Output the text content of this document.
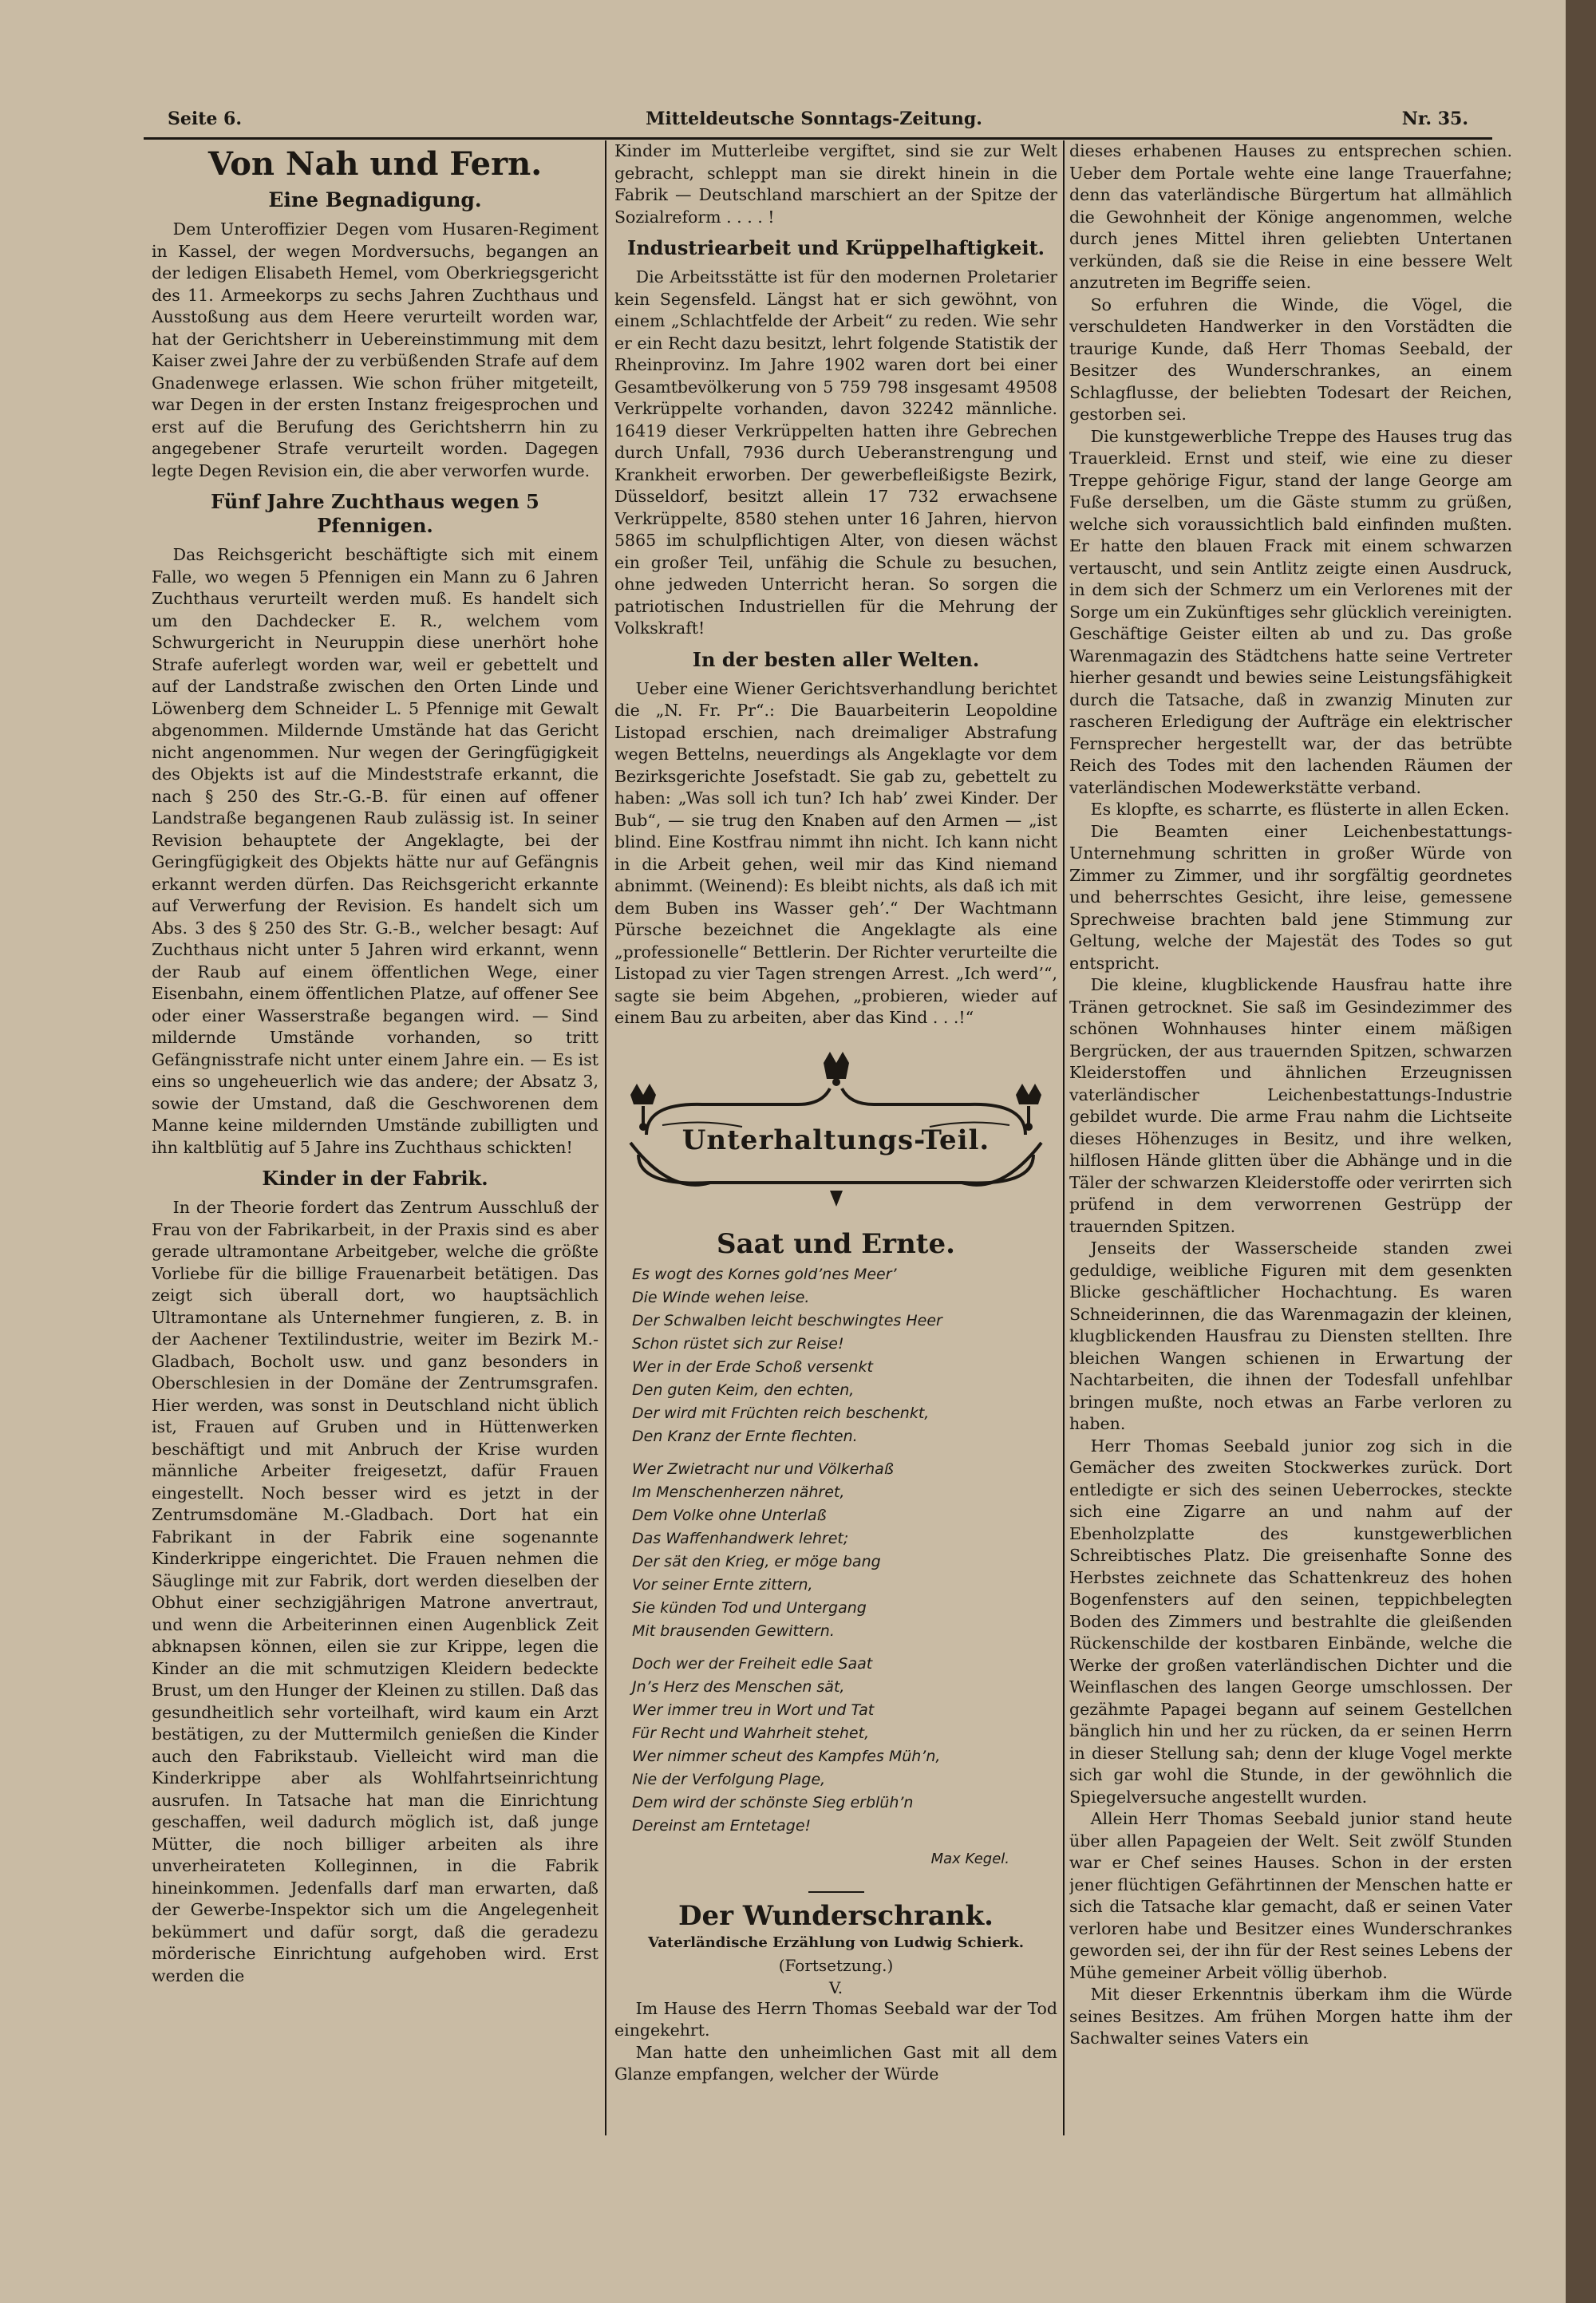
Seite 6.	Mitteldeutsche Sonntags-Zeitung.	Nr. 35.
Von Nah und Fern.
Eine Begnadigung.

Dem Unteroffizier Degen vom Husaren-Regiment in Kassel, der wegen Mordversuchs, begangen an der ledigen Elisabeth Hemel, vom Oberkriegsgericht des 11. Armeekorps zu sechs Jahren Zuchthaus und Ausstoßung aus dem Heere verurteilt worden war, hat der Gerichtsherr in Uebereinstimmung mit dem Kaiser zwei Jahre der zu verbüßenden Strafe auf dem Gnadenwege erlassen. Wie schon früher mitgeteilt, war Degen in der ersten Instanz freigesprochen und erst auf die Berufung des Gerichtsherrn hin zu angegebener Strafe verurteilt worden. Dagegen legte Degen Revision ein, die aber verworfen wurde.

Fünf Jahre Zuchthaus wegen 5 Pfennigen.

Das Reichsgericht beschäftigte sich mit einem Falle, wo wegen 5 Pfennigen ein Mann zu 6 Jahren Zuchthaus verurteilt werden muß. Es handelt sich um den Dachdecker E. R., welchem vom Schwurgericht in Neuruppin diese unerhört hohe Strafe auferlegt worden war, weil er gebettelt und auf der Landstraße zwischen den Orten Linde und Löwenberg dem Schneider L. 5 Pfennige mit Gewalt abgenommen. Mildernde Umstände hat das Gericht nicht angenommen. Nur wegen der Geringfügigkeit des Objekts ist auf die Mindeststrafe erkannt, die nach § 250 des Str.-G.-B. für einen auf offener Landstraße begangenen Raub zulässig ist. In seiner Revision behauptete der Angeklagte, bei der Geringfügigkeit des Objekts hätte nur auf Gefängnis erkannt werden dürfen. Das Reichsgericht erkannte auf Verwerfung der Revision. Es handelt sich um Abs. 3 des § 250 des Str. G.-B., welcher besagt: Auf Zuchthaus nicht unter 5 Jahren wird erkannt, wenn der Raub auf einem öffentlichen Wege, einer Eisenbahn, einem öffentlichen Platze, auf offener See oder einer Wasserstraße begangen wird. — Sind mildernde Umstände vorhanden, so tritt Gefängnisstrafe nicht unter einem Jahre ein. — Es ist eins so ungeheuerlich wie das andere; der Absatz 3, sowie der Umstand, daß die Geschworenen dem Manne keine mildernden Umstände zubilligten und ihn kaltblütig auf 5 Jahre ins Zuchthaus schickten!

Kinder in der Fabrik.

In der Theorie fordert das Zentrum Ausschluß der Frau von der Fabrikarbeit, in der Praxis sind es aber gerade ultramontane Arbeitgeber, welche die größte Vorliebe für die billige Frauenarbeit betätigen. Das zeigt sich überall dort, wo hauptsächlich Ultramontane als Unternehmer fungieren, z. B. in der Aachener Textilindustrie, weiter im Bezirk M.-Gladbach, Bocholt usw. und ganz besonders in Oberschlesien in der Domäne der Zentrumsgrafen. Hier werden, was sonst in Deutschland nicht üblich ist, Frauen auf Gruben und in Hüttenwerken beschäftigt und mit Anbruch der Krise wurden männliche Arbeiter freigesetzt, dafür Frauen eingestellt. Noch besser wird es jetzt in der Zentrumsdomäne M.-Gladbach. Dort hat ein Fabrikant in der Fabrik eine sogenannte Kinderkrippe eingerichtet. Die Frauen nehmen die Säuglinge mit zur Fabrik, dort werden dieselben der Obhut einer sechzigjährigen Matrone anvertraut, und wenn die Arbeiterinnen einen Augenblick Zeit abknapsen können, eilen sie zur Krippe, legen die Kinder an die mit schmutzigen Kleidern bedeckte Brust, um den Hunger der Kleinen zu stillen. Daß das gesundheitlich sehr vorteilhaft, wird kaum ein Arzt bestätigen, zu der Muttermilch genießen die Kinder auch den Fabrikstaub. Vielleicht wird man die Kinderkrippe aber als Wohlfahrtseinrichtung ausrufen. In Tatsache hat man die Einrichtung geschaffen, weil dadurch möglich ist, daß junge Mütter, die noch billiger arbeiten als ihre unverheirateten Kolleginnen, in die Fabrik hineinkommen. Jedenfalls darf man erwarten, daß der Gewerbe-Inspektor sich um die Angelegenheit bekümmert und dafür sorgt, daß die geradezu mörderische Einrichtung aufgehoben wird. Erst werden die

Kinder im Mutterleibe vergiftet, sind sie zur Welt gebracht, schleppt man sie direkt hinein in die Fabrik — Deutschland marschiert an der Spitze der Sozialreform . . . . !

Industriearbeit und Krüppelhaftigkeit.

Die Arbeitsstätte ist für den modernen Proletarier kein Segensfeld. Längst hat er sich gewöhnt, von einem „Schlachtfelde der Arbeit“ zu reden. Wie sehr er ein Recht dazu besitzt, lehrt folgende Statistik der Rheinprovinz. Im Jahre 1902 waren dort bei einer Gesamtbevölkerung von 5 759 798 insgesamt 49508 Verkrüppelte vorhanden, davon 32242 männliche. 16419 dieser Verkrüppelten hatten ihre Gebrechen durch Unfall, 7936 durch Ueberanstrengung und Krankheit erworben. Der gewerbefleißigste Bezirk, Düsseldorf, besitzt allein 17 732 erwachsene Verkrüppelte, 8580 stehen unter 16 Jahren, hiervon 5865 im schulpflichtigen Alter, von diesen wächst ein großer Teil, unfähig die Schule zu besuchen, ohne jedweden Unterricht heran. So sorgen die patriotischen Industriellen für die Mehrung der Volkskraft!

In der besten aller Welten.

Ueber eine Wiener Gerichtsverhandlung berichtet die „N. Fr. Pr“.: Die Bauarbeiterin Leopoldine Listopad erschien, nach dreimaliger Abstrafung wegen Bettelns, neuerdings als Angeklagte vor dem Bezirksgerichte Josefstadt. Sie gab zu, gebettelt zu haben: „Was soll ich tun? Ich hab’ zwei Kinder. Der Bub“, — sie trug den Knaben auf den Armen — „ist blind. Eine Kostfrau nimmt ihn nicht. Ich kann nicht in die Arbeit gehen, weil mir das Kind niemand abnimmt. (Weinend): Es bleibt nichts, als daß ich mit dem Buben ins Wasser geh’.“ Der Wachtmann Pürsche bezeichnet die Angeklagte als eine „professionelle“ Bettlerin. Der Richter verurteilte die Listopad zu vier Tagen strengen Arrest. „Ich werd’“, sagte sie beim Abgehen, „probieren, wieder auf einem Bau zu arbeiten, aber das Kind . . .!“

Unterhaltungs-Teil.
Saat und Ernte.
Es wogt des Kornes gold’nes Meer’
Die Winde wehen leise.
Der Schwalben leicht beschwingtes Heer
Schon rüstet sich zur Reise!
Wer in der Erde Schoß versenkt
Den guten Keim, den echten,
Der wird mit Früchten reich beschenkt,
Den Kranz der Ernte flechten.
Wer Zwietracht nur und Völkerhaß
Im Menschenherzen nähret,
Dem Volke ohne Unterlaß
Das Waffenhandwerk lehret;
Der sät den Krieg, er möge bang
Vor seiner Ernte zittern,
Sie künden Tod und Untergang
Mit brausenden Gewittern.
Doch wer der Freiheit edle Saat
Jn’s Herz des Menschen sät,
Wer immer treu in Wort und Tat
Für Recht und Wahrheit stehet,
Wer nimmer scheut des Kampfes Müh’n,
Nie der Verfolgung Plage,
Dem wird der schönste Sieg erblüh’n
Dereinst am Erntetage!
Max Kegel.
Der Wunderschrank.
Vaterländische Erzählung von Ludwig Schierk.
(Fortsetzung.)
V.

Im Hause des Herrn Thomas Seebald war der Tod eingekehrt.

Man hatte den unheimlichen Gast mit all dem Glanze empfangen, welcher der Würde

dieses erhabenen Hauses zu entsprechen schien. Ueber dem Portale wehte eine lange Trauerfahne; denn das vaterländische Bürgertum hat allmählich die Gewohnheit der Könige angenommen, welche durch jenes Mittel ihren geliebten Untertanen verkünden, daß sie die Reise in eine bessere Welt anzutreten im Begriffe seien.

So erfuhren die Winde, die Vögel, die verschuldeten Handwerker in den Vorstädten die traurige Kunde, daß Herr Thomas Seebald, der Besitzer des Wunderschrankes, an einem Schlagflusse, der beliebten Todesart der Reichen, gestorben sei.

Die kunstgewerbliche Treppe des Hauses trug das Trauerkleid. Ernst und steif, wie eine zu dieser Treppe gehörige Figur, stand der lange George am Fuße derselben, um die Gäste stumm zu grüßen, welche sich voraussichtlich bald einfinden mußten. Er hatte den blauen Frack mit einem schwarzen vertauscht, und sein Antlitz zeigte einen Ausdruck, in dem sich der Schmerz um ein Verlorenes mit der Sorge um ein Zukünftiges sehr glücklich vereinigten. Geschäftige Geister eilten ab und zu. Das große Warenmagazin des Städtchens hatte seine Vertreter hierher gesandt und bewies seine Leistungsfähigkeit durch die Tatsache, daß in zwanzig Minuten zur rascheren Erledigung der Aufträge ein elektrischer Fernsprecher hergestellt war, der das betrübte Reich des Todes mit den lachenden Räumen der vaterländischen Modewerkstätte verband.

Es klopfte, es scharrte, es flüsterte in allen Ecken.

Die Beamten einer Leichenbestattungs-Unternehmung schritten in großer Würde von Zimmer zu Zimmer, und ihr sorgfältig geordnetes und beherrschtes Gesicht, ihre leise, gemessene Sprechweise brachten bald jene Stimmung zur Geltung, welche der Majestät des Todes so gut entspricht.

Die kleine, klugblickende Hausfrau hatte ihre Tränen getrocknet. Sie saß im Gesindezimmer des schönen Wohnhauses hinter einem mäßigen Bergrücken, der aus trauernden Spitzen, schwarzen Kleiderstoffen und ähnlichen Erzeugnissen vaterländischer Leichenbestattungs-Industrie gebildet wurde. Die arme Frau nahm die Lichtseite dieses Höhenzuges in Besitz, und ihre welken, hilflosen Hände glitten über die Abhänge und in die Täler der schwarzen Kleiderstoffe oder verirrten sich prüfend in dem verworrenen Gestrüpp der trauernden Spitzen.

Jenseits der Wasserscheide standen zwei geduldige, weibliche Figuren mit dem gesenkten Blicke geschäftlicher Hochachtung. Es waren Schneiderinnen, die das Warenmagazin der kleinen, klugblickenden Hausfrau zu Diensten stellten. Ihre bleichen Wangen schienen in Erwartung der Nachtarbeiten, die ihnen der Todesfall unfehlbar bringen mußte, noch etwas an Farbe verloren zu haben.

Herr Thomas Seebald junior zog sich in die Gemächer des zweiten Stockwerkes zurück. Dort entledigte er sich des seinen Ueberrockes, steckte sich eine Zigarre an und nahm auf der Ebenholzplatte des kunstgewerblichen Schreibtisches Platz. Die greisenhafte Sonne des Herbstes zeichnete das Schattenkreuz des hohen Bogenfensters auf den seinen, teppichbelegten Boden des Zimmers und bestrahlte die gleißenden Rückenschilde der kostbaren Einbände, welche die Werke der großen vaterländischen Dichter und die Weinflaschen des langen George umschlossen. Der gezähmte Papagei begann auf seinem Gestellchen bänglich hin und her zu rücken, da er seinen Herrn in dieser Stellung sah; denn der kluge Vogel merkte sich gar wohl die Stunde, in der gewöhnlich die Spiegelversuche angestellt wurden.

Allein Herr Thomas Seebald junior stand heute über allen Papageien der Welt. Seit zwölf Stunden war er Chef seines Hauses. Schon in der ersten jener flüchtigen Gefährtinnen der Menschen hatte er sich die Tatsache klar gemacht, daß er seinen Vater verloren habe und Besitzer eines Wunderschrankes geworden sei, der ihn für der Rest seines Lebens der Mühe gemeiner Arbeit völlig überhob.

Mit dieser Erkenntnis überkam ihm die Würde seines Besitzes. Am frühen Morgen hatte ihm der Sachwalter seines Vaters ein
